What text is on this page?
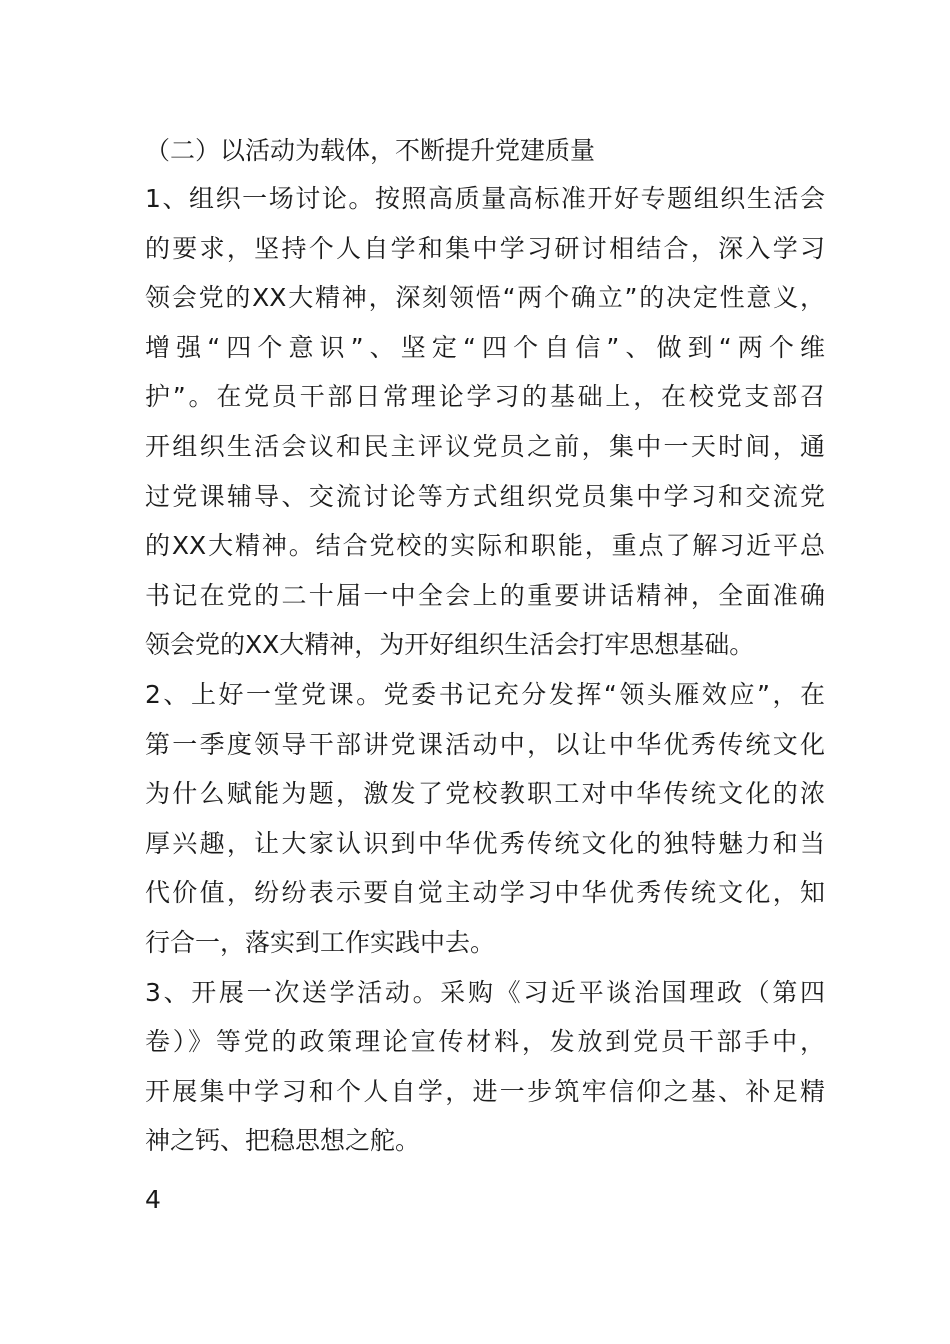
（二）以活动为载体，不断提升党建质量
1、组织一场讨论。按照高质量高标准开好专题组织生活会
的要求，坚持个人自学和集中学习研讨相结合，深入学习
领会党的XX大精神，深刻领悟“两个确立”的决定性意义，
增强“四个意识”、坚定“四个自信”、做到“两个维
护”。在党员干部日常理论学习的基础上，在校党支部召
开组织生活会议和民主评议党员之前，集中一天时间，通
过党课辅导、交流讨论等方式组织党员集中学习和交流党
的XX大精神。结合党校的实际和职能，重点了解习近平总
书记在党的二十届一中全会上的重要讲话精神，全面准确
领会党的XX大精神，为开好组织生活会打牢思想基础。
2、上好一堂党课。党委书记充分发挥“领头雁效应”，在
第一季度领导干部讲党课活动中，以让中华优秀传统文化
为什么赋能为题，激发了党校教职工对中华传统文化的浓
厚兴趣，让大家认识到中华优秀传统文化的独特魅力和当
代价值，纷纷表示要自觉主动学习中华优秀传统文化，知
行合一，落实到工作实践中去。
3、开展一次送学活动。采购《习近平谈治国理政（第四
卷）》等党的政策理论宣传材料，发放到党员干部手中，
开展集中学习和个人自学，进一步筑牢信仰之基、补足精
神之钙、把稳思想之舵。
4
